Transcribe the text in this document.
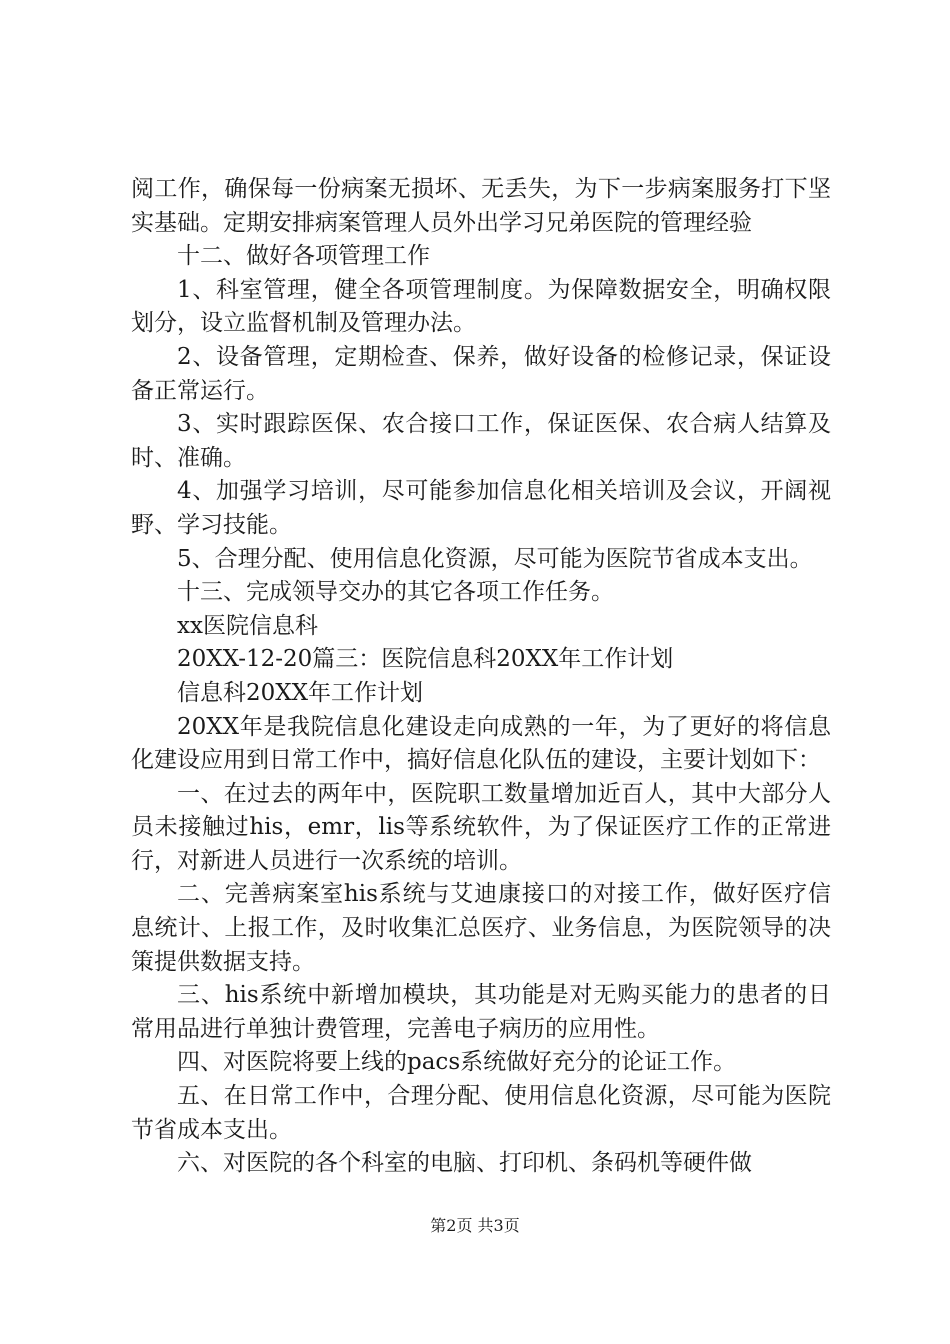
阅工作，确保每一份病案无损坏、无丢失，为下一步病案服务打下坚实基础。定期安排病案管理人员外出学习兄弟医院的管理经验

十二、做好各项管理工作

1、科室管理，健全各项管理制度。为保障数据安全，明确权限划分，设立监督机制及管理办法。

2、设备管理，定期检查、保养，做好设备的检修记录，保证设备正常运行。

3、实时跟踪医保、农合接口工作，保证医保、农合病人结算及时、准确。

4、加强学习培训，尽可能参加信息化相关培训及会议，开阔视野、学习技能。

5、合理分配、使用信息化资源，尽可能为医院节省成本支出。

十三、完成领导交办的其它各项工作任务。

xx医院信息科

20XX-12-20篇三：医院信息科20XX年工作计划

信息科20XX年工作计划

20XX年是我院信息化建设走向成熟的一年，为了更好的将信息化建设应用到日常工作中，搞好信息化队伍的建设，主要计划如下：

一、在过去的两年中，医院职工数量增加近百人，其中大部分人员未接触过his，emr，lis等系统软件，为了保证医疗工作的正常进行，对新进人员进行一次系统的培训。

二、完善病案室his系统与艾迪康接口的对接工作，做好医疗信息统计、上报工作，及时收集汇总医疗、业务信息，为医院领导的决策提供数据支持。

三、his系统中新增加模块，其功能是对无购买能力的患者的日常用品进行单独计费管理，完善电子病历的应用性。

四、对医院将要上线的pacs系统做好充分的论证工作。

五、在日常工作中，合理分配、使用信息化资源，尽可能为医院节省成本支出。

六、对医院的各个科室的电脑、打印机、条码机等硬件做

第2页 共3页
